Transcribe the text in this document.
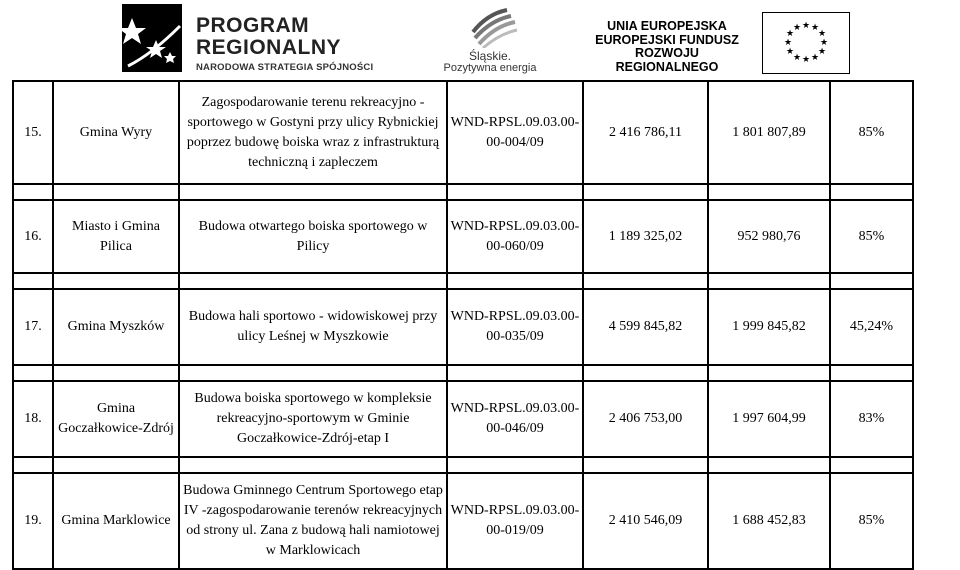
PROGRAM
REGIONALNY
NARODOWA STRATEGIA SPÓJNOŚCI
Śląskie.
Pozytywna energia
UNIA EUROPEJSKA
EUROPEJSKI FUNDUSZ
ROZWOJU REGIONALNEGO
★ ★
★
★
★
★
★
★
★
★
★
★
15.	Gmina Wyry	Zagospodarowanie terenu rekreacyjno - sportowego w Gostyni przy ulicy Rybnickiej poprzez budowę boiska wraz z infrastrukturą techniczną i zapleczem	WND-RPSL.09.03.00-00-004/09	2 416 786,11	1 801 807,89	85%

16.	Miasto i Gmina Pilica	Budowa otwartego boiska sportowego w Pilicy	WND-RPSL.09.03.00-00-060/09	1 189 325,02	952 980,76	85%

17.	Gmina Myszków	Budowa hali sportowo - widowiskowej przy ulicy Leśnej w Myszkowie	WND-RPSL.09.03.00-00-035/09	4 599 845,82	1 999 845,82	45,24%

18.	Gmina Goczałkowice-Zdrój	Budowa boiska sportowego w kompleksie rekreacyjno-sportowym w Gminie Goczałkowice-Zdrój-etap I	WND-RPSL.09.03.00-00-046/09	2 406 753,00	1 997 604,99	83%

19.	Gmina Marklowice	Budowa Gminnego Centrum Sportowego etap IV -zagospodarowanie terenów rekreacyjnych od strony ul. Zana z budową hali namiotowej w Marklowicach	WND-RPSL.09.03.00-00-019/09	2 410 546,09	1 688 452,83	85%
